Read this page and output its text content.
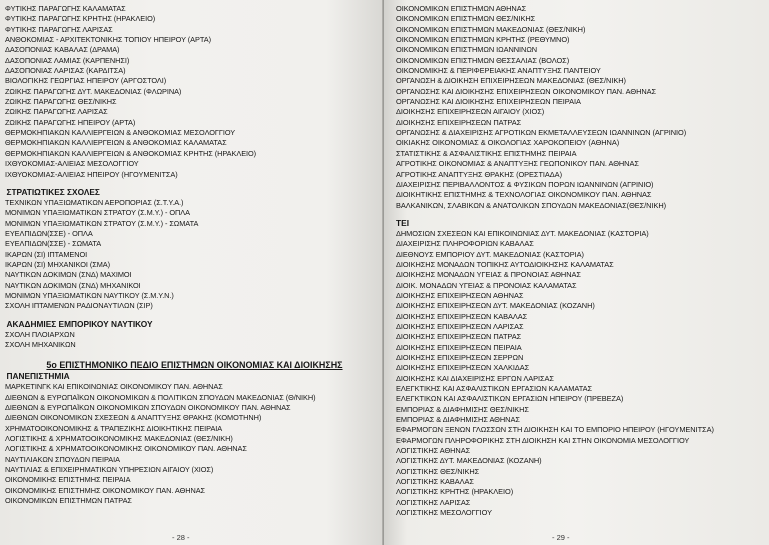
ΦΥΤΙΚΗΣ ΠΑΡΑΓΩΓΗΣ ΚΑΛΑΜΑΤΑΣ
ΦΥΤΙΚΗΣ ΠΑΡΑΓΩΓΗΣ ΚΡΗΤΗΣ (ΗΡΑΚΛΕΙΟ)
ΦΥΤΙΚΗΣ ΠΑΡΑΓΩΓΗΣ ΛΑΡΙΣΑΣ
ΑΝΘΟΚΟΜΙΑΣ - ΑΡΧΙΤΕΚΤΟΝΙΚΗΣ ΤΟΠΙΟΥ ΗΠΕΙΡΟΥ (ΑΡΤΑ)
ΔΑΣΟΠΟΝΙΑΣ ΚΑΒΑΛΑΣ (ΔΡΑΜΑ)
ΔΑΣΟΠΟΝΙΑΣ ΛΑΜΙΑΣ (ΚΑΡΠΕΝΗΣΙ)
ΔΑΣΟΠΟΝΙΑΣ ΛΑΡΙΣΑΣ (ΚΑΡΔΙΤΣΑ)
ΒΙΟΛΟΓΙΚΗΣ ΓΕΩΡΓΙΑΣ ΗΠΕΙΡΟΥ (ΑΡΓΟΣΤΟΛΙ)
ΖΩΙΚΗΣ ΠΑΡΑΓΩΓΗΣ ΔΥΤ. ΜΑΚΕΔΟΝΙΑΣ (ΦΛΩΡΙΝΑ)
ΖΩΙΚΗΣ ΠΑΡΑΓΩΓΗΣ ΘΕΣ/ΝΙΚΗΣ
ΖΩΙΚΗΣ ΠΑΡΑΓΩΓΗΣ ΛΑΡΙΣΑΣ
ΖΩΙΚΗΣ ΠΑΡΑΓΩΓΗΣ ΗΠΕΙΡΟΥ (ΑΡΤΑ)
ΘΕΡΜΟΚΗΠΙΑΚΩΝ ΚΑΛΛΙΕΡΓΕΙΩΝ & ΑΝΘΟΚΟΜΙΑΣ ΜΕΣΟΛΟΓΓΙΟΥ
ΘΕΡΜΟΚΗΠΙΑΚΩΝ ΚΑΛΛΙΕΡΓΕΙΩΝ & ΑΝΘΟΚΟΜΙΑΣ ΚΑΛΑΜΑΤΑΣ
ΘΕΡΜΟΚΗΠΙΑΚΩΝ ΚΑΛΛΙΕΡΓΕΙΩΝ & ΑΝΘΟΚΟΜΙΑΣ ΚΡΗΤΗΣ (ΗΡΑΚΛΕΙΟ)
ΙΧΘΥΟΚΟΜΙΑΣ-ΑΛΙΕΙΑΣ ΜΕΣΟΛΟΓΓΙΟΥ
ΙΧΘΥΟΚΟΜΙΑΣ-ΑΛΙΕΙΑΣ ΗΠΕΙΡΟΥ (ΗΓΟΥΜΕΝΙΤΣΑ)
ΣΤΡΑΤΙΩΤΙΚΕΣ ΣΧΟΛΕΣ
ΤΕΧΝΙΚΩΝ ΥΠΑΞΙΩΜΑΤΙΚΩΝ ΑΕΡΟΠΟΡΙΑΣ (Σ.Τ.Υ.Α.)
ΜΟΝΙΜΩΝ ΥΠΑΞΙΩΜΑΤΙΚΩΝ ΣΤΡΑΤΟΥ (Σ.Μ.Υ.) - ΟΠΛΑ
ΜΟΝΙΜΩΝ ΥΠΑΞΙΩΜΑΤΙΚΩΝ ΣΤΡΑΤΟΥ (Σ.Μ.Υ.) - ΣΩΜΑΤΑ
ΕΥΕΛΠΙΔΩΝ(ΣΣΕ) - ΟΠΛΑ
ΕΥΕΛΠΙΔΩΝ(ΣΣΕ) - ΣΩΜΑΤΑ
ΙΚΑΡΩΝ (ΣΙ) ΙΠΤΑΜΕΝΟΙ
ΙΚΑΡΩΝ (ΣΙ) ΜΗΧΑΝΙΚΟΙ (ΣΜΑ)
ΝΑΥΤΙΚΩΝ ΔΟΚΙΜΩΝ (ΣΝΔ) ΜΑΧΙΜΟΙ
ΝΑΥΤΙΚΩΝ ΔΟΚΙΜΩΝ (ΣΝΔ) ΜΗΧΑΝΙΚΟΙ
ΜΟΝΙΜΩΝ ΥΠΑΞΙΩΜΑΤΙΚΩΝ ΝΑΥΤΙΚΟΥ (Σ.Μ.Υ.Ν.)
ΣΧΟΛΗ ΙΠΤΑΜΕΝΩΝ ΡΑΔΙΟΝΑΥΤΙΛΩΝ (ΣΙΡ)
ΑΚΑΔΗΜΙΕΣ ΕΜΠΟΡΙΚΟΥ ΝΑΥΤΙΚΟΥ
ΣΧΟΛΗ ΠΛΟΙΑΡΧΩΝ
ΣΧΟΛΗ ΜΗΧΑΝΙΚΩΝ
5ο ΕΠΙΣΤΗΜΟΝΙΚΟ ΠΕΔΙΟ ΕΠΙΣΤΗΜΩΝ ΟΙΚΟΝΟΜΙΑΣ ΚΑΙ ΔΙΟΙΚΗΣΗΣ
ΠΑΝΕΠΙΣΤΗΜΙΑ
ΜΑΡΚΕΤΙΝΓΚ ΚΑΙ ΕΠΙΚΟΙΝΩΝΙΑΣ ΟΙΚΟΝΟΜΙΚΟΥ ΠΑΝ. ΑΘΗΝΑΣ
ΔΙΕΘΝΩΝ & ΕΥΡΩΠΑΪΚΩΝ ΟΙΚΟΝΟΜΙΚΩΝ & ΠΟΛΙΤΙΚΩΝ ΣΠΟΥΔΩΝ ΜΑΚΕΔΟΝΙΑΣ (Θ/ΝΙΚΗ)
ΔΙΕΘΝΩΝ & ΕΥΡΩΠΑΪΚΩΝ ΟΙΚΟΝΟΜΙΚΩΝ ΣΠΟΥΔΩΝ ΟΙΚΟΝΟΜΙΚΟΥ ΠΑΝ. ΑΘΗΝΑΣ
ΔΙΕΘΝΩΝ ΟΙΚΟΝΟΜΙΚΩΝ ΣΧΕΣΕΩΝ & ΑΝΑΠΤΥΞΗΣ ΘΡΑΚΗΣ (ΚΟΜΟΤΗΝΗ)
ΧΡΗΜΑΤΟΟΙΚΟΝΟΜΙΚΗΣ & ΤΡΑΠΕΖΙΚΗΣ ΔΙΟΙΚΗΤΙΚΗΣ ΠΕΙΡΑΙΑ
ΛΟΓΙΣΤΙΚΗΣ & ΧΡΗΜΑΤΟΟΙΚΟΝΟΜΙΚΗΣ ΜΑΚΕΔΟΝΙΑΣ (ΘΕΣ/ΝΙΚΗ)
ΛΟΓΙΣΤΙΚΗΣ & ΧΡΗΜΑΤΟΟΙΚΟΝΟΜΙΚΗΣ ΟΙΚΟΝΟΜΙΚΟΥ ΠΑΝ. ΑΘΗΝΑΣ
ΝΑΥΤΙΛΙΑΚΩΝ ΣΠΟΥΔΩΝ ΠΕΙΡΑΙΑ
ΝΑΥΤΙΛΙΑΣ & ΕΠΙΧΕΙΡΗΜΑΤΙΚΩΝ ΥΠΗΡΕΣΙΩΝ ΑΙΓΑΙΟΥ (ΧΙΟΣ)
ΟΙΚΟΝΟΜΙΚΗΣ ΕΠΙΣΤΗΜΗΣ ΠΕΙΡΑΙΑ
ΟΙΚΟΝΟΜΙΚΗΣ ΕΠΙΣΤΗΜΗΣ ΟΙΚΟΝΟΜΙΚΟΥ ΠΑΝ. ΑΘΗΝΑΣ
ΟΙΚΟΝΟΜΙΚΩΝ ΕΠΙΣΤΗΜΩΝ ΠΑΤΡΑΣ
- 28 -
ΟΙΚΟΝΟΜΙΚΩΝ ΕΠΙΣΤΗΜΩΝ ΑΘΗΝΑΣ
ΟΙΚΟΝΟΜΙΚΩΝ ΕΠΙΣΤΗΜΩΝ ΘΕΣ/ΝΙΚΗΣ
ΟΙΚΟΝΟΜΙΚΩΝ ΕΠΙΣΤΗΜΩΝ ΜΑΚΕΔΟΝΙΑΣ (ΘΕΣ/ΝΙΚΗ)
ΟΙΚΟΝΟΜΙΚΩΝ ΕΠΙΣΤΗΜΩΝ ΚΡΗΤΗΣ (ΡΕΘΥΜΝΟ)
ΟΙΚΟΝΟΜΙΚΩΝ ΕΠΙΣΤΗΜΩΝ ΙΩΑΝΝΙΝΩΝ
ΟΙΚΟΝΟΜΙΚΩΝ ΕΠΙΣΤΗΜΩΝ ΘΕΣΣΑΛΙΑΣ (ΒΟΛΟΣ)
ΟΙΚΟΝΟΜΙΚΗΣ & ΠΕΡΙΦΕΡΕΙΑΚΗΣ ΑΝΑΠΤΥΞΗΣ ΠΑΝΤΕΙΟΥ
ΟΡΓΑΝΩΣΗ & ΔΙΟΙΚΗΣΗ ΕΠΙΧΕΙΡΗΣΕΩΝ ΜΑΚΕΔΟΝΙΑΣ (ΘΕΣ/ΝΙΚΗ)
ΟΡΓΑΝΩΣΗΣ ΚΑΙ ΔΙΟΙΚΗΣΗΣ ΕΠΙΧΕΙΡΗΣΕΩΝ ΟΙΚΟΝΟΜΙΚΟΥ ΠΑΝ. ΑΘΗΝΑΣ
ΟΡΓΑΝΩΣΗΣ ΚΑΙ ΔΙΟΙΚΗΣΗΣ ΕΠΙΧΕΙΡΗΣΕΩΝ ΠΕΙΡΑΙΑ
ΔΙΟΙΚΗΣΗΣ ΕΠΙΧΕΙΡΗΣΕΩΝ ΑΙΓΑΙΟΥ (ΧΙΟΣ)
ΔΙΟΙΚΗΣΗΣ ΕΠΙΧΕΙΡΗΣΕΩΝ ΠΑΤΡΑΣ
ΟΡΓΑΝΩΣΗΣ & ΔΙΑΧΕΙΡΙΣΗΣ ΑΓΡΟΤΙΚΩΝ ΕΚΜΕΤΑΛΛΕΥΣΕΩΝ ΙΩΑΝΝΙΝΩΝ (ΑΓΡΙΝΙΟ)
ΟΙΚΙΑΚΗΣ ΟΙΚΟΝΟΜΙΑΣ & ΟΙΚΟΛΟΓΙΑΣ ΧΑΡΟΚΟΠΕΙΟΥ (ΑΘΗΝΑ)
ΣΤΑΤΙΣΤΙΚΗΣ & ΑΣΦΑΛΙΣΤΙΚΗΣ ΕΠΙΣΤΗΜΗΣ ΠΕΙΡΑΙΑ
ΑΓΡΟΤΙΚΗΣ ΟΙΚΟΝΟΜΙΑΣ & ΑΝΑΠΤΥΞΗΣ ΓΕΩΠΟΝΙΚΟΥ ΠΑΝ. ΑΘΗΝΑΣ
ΑΓΡΟΤΙΚΗΣ ΑΝΑΠΤΥΞΗΣ ΘΡΑΚΗΣ (ΟΡΕΣΤΙΑΔΑ)
ΔΙΑΧΕΙΡΙΣΗΣ ΠΕΡΙΒΑΛΛΟΝΤΟΣ & ΦΥΣΙΚΩΝ ΠΟΡΩΝ ΙΩΑΝΝΙΝΩΝ (ΑΓΡΙΝΙΟ)
ΔΙΟΙΚΗΤΙΚΗΣ ΕΠΙΣΤΗΜΗΣ & ΤΕΧΝΟΛΟΓΙΑΣ ΟΙΚΟΝΟΜΙΚΟΥ ΠΑΝ. ΑΘΗΝΑΣ
ΒΑΛΚΑΝΙΚΩΝ, ΣΛΑΒΙΚΩΝ & ΑΝΑΤΟΛΙΚΩΝ ΣΠΟΥΔΩΝ ΜΑΚΕΔΟΝΙΑΣ(ΘΕΣ/ΝΙΚΗ)
ΤΕΙ
ΔΗΜΟΣΙΩΝ ΣΧΕΣΕΩΝ ΚΑΙ ΕΠΙΚΟΙΝΩΝΙΑΣ ΔΥΤ. ΜΑΚΕΔΟΝΙΑΣ (ΚΑΣΤΟΡΙΑ)
ΔΙΑΧΕΙΡΙΣΗΣ ΠΛΗΡΟΦΟΡΙΩΝ ΚΑΒΑΛΑΣ
ΔΙΕΘΝΟΥΣ ΕΜΠΟΡΙΟΥ ΔΥΤ. ΜΑΚΕΔΟΝΙΑΣ (ΚΑΣΤΟΡΙΑ)
ΔΙΟΙΚΗΣΗΣ ΜΟΝΑΔΩΝ ΤΟΠΙΚΗΣ ΑΥΤΟΔΙΟΙΚΗΣΗΣ ΚΑΛΑΜΑΤΑΣ
ΔΙΟΙΚΗΣΗΣ ΜΟΝΑΔΩΝ ΥΓΕΙΑΣ & ΠΡΟΝΟΙΑΣ ΑΘΗΝΑΣ
ΔΙΟΙΚ. ΜΟΝΑΔΩΝ ΥΓΕΙΑΣ & ΠΡΟΝΟΙΑΣ ΚΑΛΑΜΑΤΑΣ
ΔΙΟΙΚΗΣΗΣ ΕΠΙΧΕΙΡΗΣΕΩΝ ΑΘΗΝΑΣ
ΔΙΟΙΚΗΣΗΣ ΕΠΙΧΕΙΡΗΣΕΩΝ ΔΥΤ. ΜΑΚΕΔΟΝΙΑΣ (ΚΟΖΑΝΗ)
ΔΙΟΙΚΗΣΗΣ ΕΠΙΧΕΙΡΗΣΕΩΝ ΚΑΒΑΛΑΣ
ΔΙΟΙΚΗΣΗΣ ΕΠΙΧΕΙΡΗΣΕΩΝ ΛΑΡΙΣΑΣ
ΔΙΟΙΚΗΣΗΣ ΕΠΙΧΕΙΡΗΣΕΩΝ ΠΑΤΡΑΣ
ΔΙΟΙΚΗΣΗΣ ΕΠΙΧΕΙΡΗΣΕΩΝ ΠΕΙΡΑΙΑ
ΔΙΟΙΚΗΣΗΣ ΕΠΙΧΕΙΡΗΣΕΩΝ ΣΕΡΡΩΝ
ΔΙΟΙΚΗΣΗΣ ΕΠΙΧΕΙΡΗΣΕΩΝ ΧΑΛΚΙΔΑΣ
ΔΙΟΙΚΗΣΗΣ ΚΑΙ ΔΙΑΧΕΙΡΙΣΗΣ ΕΡΓΩΝ ΛΑΡΙΣΑΣ
ΕΛΕΓΚΤΙΚΗΣ ΚΑΙ ΑΣΦΑΛΙΣΤΙΚΩΝ ΕΡΓΑΣΙΩΝ ΚΑΛΑΜΑΤΑΣ
ΕΛΕΓΚΤΙΚΩΝ ΚΑΙ ΑΣΦΑΛΙΣΤΙΚΩΝ ΕΡΓΑΣΙΩΝ ΗΠΕΙΡΟΥ (ΠΡΕΒΕΖΑ)
ΕΜΠΟΡΙΑΣ & ΔΙΑΦΗΜΙΣΗΣ ΘΕΣ/ΝΙΚΗΣ
ΕΜΠΟΡΙΑΣ & ΔΙΑΦΗΜΙΣΗΣ ΑΘΗΝΑΣ
ΕΦΑΡΜΟΓΩΝ ΞΕΝΩΝ ΓΛΩΣΣΩΝ ΣΤΗ ΔΙΟΙΚΗΣΗ ΚΑΙ ΤΟ ΕΜΠΟΡΙΟ ΗΠΕΙΡΟΥ (ΗΓΟΥΜΕΝΙΤΣΑ)
ΕΦΑΡΜΟΓΩΝ ΠΛΗΡΟΦΟΡΙΚΗΣ ΣΤΗ ΔΙΟΙΚΗΣΗ ΚΑΙ ΣΤΗΝ ΟΙΚΟΝΟΜΙΑ ΜΕΣΟΛΟΓΓΙΟΥ
ΛΟΓΙΣΤΙΚΗΣ ΑΘΗΝΑΣ
ΛΟΓΙΣΤΙΚΗΣ ΔΥΤ. ΜΑΚΕΔΟΝΙΑΣ (ΚΟΖΑΝΗ)
ΛΟΓΙΣΤΙΚΗΣ ΘΕΣ/ΝΙΚΗΣ
ΛΟΓΙΣΤΙΚΗΣ ΚΑΒΑΛΑΣ
ΛΟΓΙΣΤΙΚΗΣ ΚΡΗΤΗΣ (ΗΡΑΚΛΕΙΟ)
ΛΟΓΙΣΤΙΚΗΣ ΛΑΡΙΣΑΣ
ΛΟΓΙΣΤΙΚΗΣ ΜΕΣΟΛΟΓΓΙΟΥ
- 29 -
